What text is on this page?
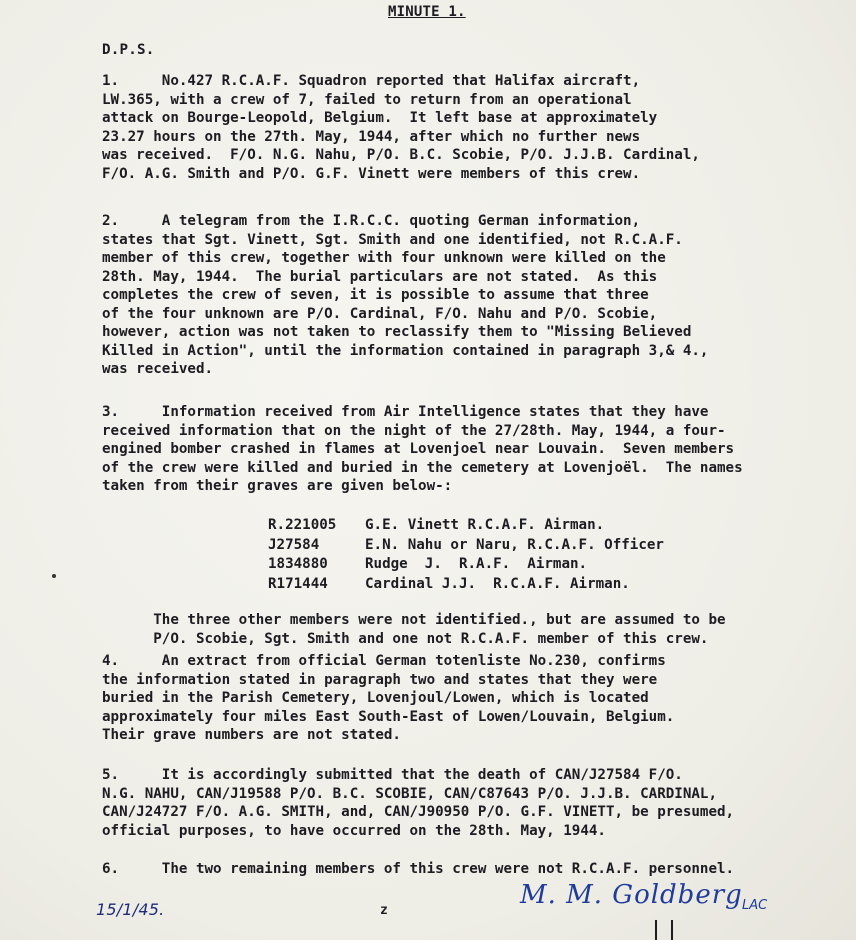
MINUTE 1.
D.P.S.
1.     No.427 R.C.A.F. Squadron reported that Halifax aircraft,
LW.365, with a crew of 7, failed to return from an operational
attack on Bourge-Leopold, Belgium.  It left base at approximately
23.27 hours on the 27th. May, 1944, after which no further news
was received.  F/O. N.G. Nahu, P/O. B.C. Scobie, P/O. J.J.B. Cardinal,
F/O. A.G. Smith and P/O. G.F. Vinett were members of this crew.
2.     A telegram from the I.R.C.C. quoting German information,
states that Sgt. Vinett, Sgt. Smith and one identified, not R.C.A.F.
member of this crew, together with four unknown were killed on the
28th. May, 1944.  The burial particulars are not stated.  As this
completes the crew of seven, it is possible to assume that three
of the four unknown are P/O. Cardinal, F/O. Nahu and P/O. Scobie,
however, action was not taken to reclassify them to "Missing Believed
Killed in Action", until the information contained in paragraph 3,& 4.,
was received.
3.     Information received from Air Intelligence states that they have
received information that on the night of the 27/28th. May, 1944, a four-
engined bomber crashed in flames at Lovenjoel near Louvain.  Seven members
of the crew were killed and buried in the cemetery at Lovenjoël.  The names
taken from their graves are given below-:
R.221005 G.E. Vinett R.C.A.F. Airman.
J27584	E.N. Nahu or Naru, R.C.A.F. Officer
1834880	Rudge  J.  R.A.F.  Airman.
R171444	Cardinal J.J.  R.C.A.F. Airman.
The three other members were not identified., but are assumed to be
P/O. Scobie, Sgt. Smith and one not R.C.A.F. member of this crew.
4.     An extract from official German totenliste No.230, confirms
the information stated in paragraph two and states that they were
buried in the Parish Cemetery, Lovenjoul/Lowen, which is located
approximately four miles East South-East of Lowen/Louvain, Belgium.
Their grave numbers are not stated.
5.     It is accordingly submitted that the death of CAN/J27584 F/O.
N.G. NAHU, CAN/J19588 P/O. B.C. SCOBIE, CAN/C87643 P/O. J.J.B. CARDINAL,
CAN/J24727 F/O. A.G. SMITH, and, CAN/J90950 P/O. G.F. VINETT, be presumed,
official purposes, to have occurred on the 28th. May, 1944.
6.     The two remaining members of this crew were not R.C.A.F. personnel.
15/1/45.	z
M. M. Goldberg LAC
